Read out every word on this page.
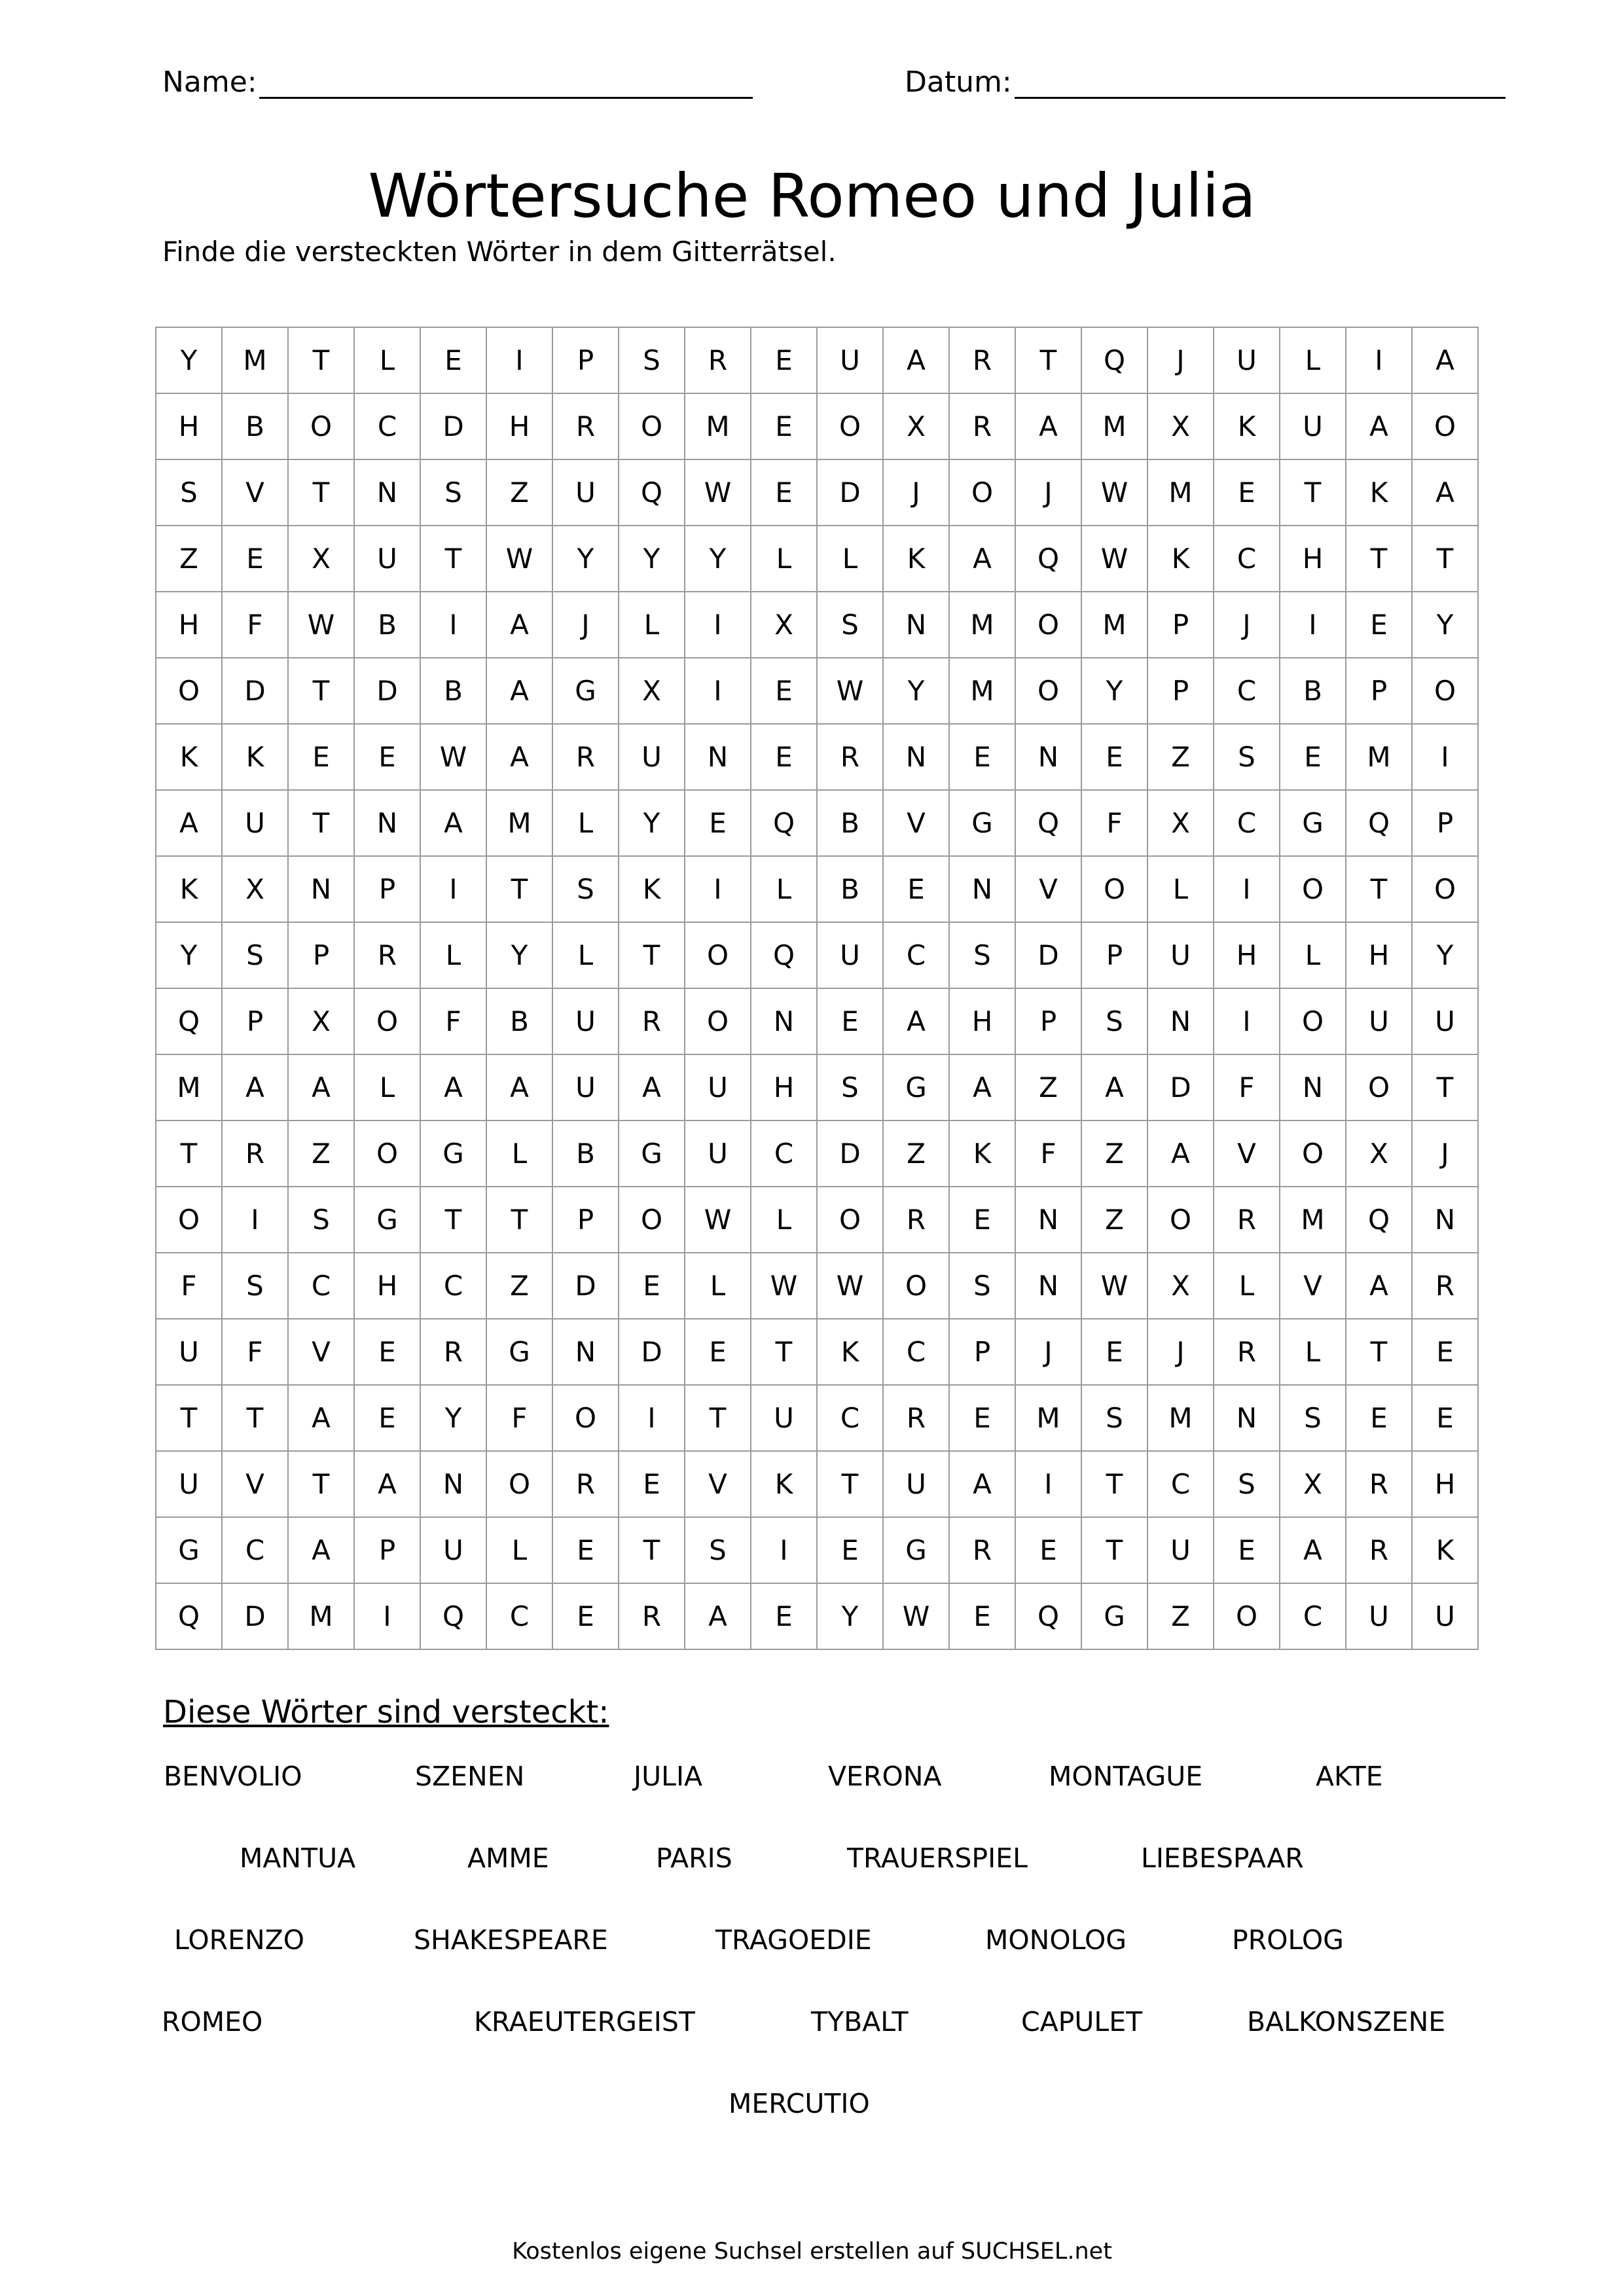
Name:	Datum:
Wörtersuche Romeo und Julia
Finde die versteckten Wörter in dem Gitterrätsel.
Y	M	T	L	E	I	P	S	R	E	U	A	R	T	Q	J	U	L	I	A
H	B	O	C	D	H	R	O	M	E	O	X	R	A	M	X	K	U	A	O
S	V	T	N	S	Z	U	Q	W	E	D	J	O	J	W	M	E	T	K	A
Z	E	X	U	T	W	Y	Y	Y	L	L	K	A	Q	W	K	C	H	T	T
H	F	W	B	I	A	J	L	I	X	S	N	M	O	M	P	J	I	E	Y
O	D	T	D	B	A	G	X	I	E	W	Y	M	O	Y	P	C	B	P	O
K	K	E	E	W	A	R	U	N	E	R	N	E	N	E	Z	S	E	M	I
A	U	T	N	A	M	L	Y	E	Q	B	V	G	Q	F	X	C	G	Q	P
K	X	N	P	I	T	S	K	I	L	B	E	N	V	O	L	I	O	T	O
Y	S	P	R	L	Y	L	T	O	Q	U	C	S	D	P	U	H	L	H	Y
Q	P	X	O	F	B	U	R	O	N	E	A	H	P	S	N	I	O	U	U
M	A	A	L	A	A	U	A	U	H	S	G	A	Z	A	D	F	N	O	T
T	R	Z	O	G	L	B	G	U	C	D	Z	K	F	Z	A	V	O	X	J
O	I	S	G	T	T	P	O	W	L	O	R	E	N	Z	O	R	M	Q	N
F	S	C	H	C	Z	D	E	L	W	W	O	S	N	W	X	L	V	A	R
U	F	V	E	R	G	N	D	E	T	K	C	P	J	E	J	R	L	T	E
T	T	A	E	Y	F	O	I	T	U	C	R	E	M	S	M	N	S	E	E
U	V	T	A	N	O	R	E	V	K	T	U	A	I	T	C	S	X	R	H
G	C	A	P	U	L	E	T	S	I	E	G	R	E	T	U	E	A	R	K
Q	D	M	I	Q	C	E	R	A	E	Y	W	E	Q	G	Z	O	C	U	U
Diese Wörter sind versteckt:
BENVOLIO	SZENEN	JULIA	VERONA	MONTAGUE	AKTE
MANTUA	AMME	PARIS	TRAUERSPIEL	LIEBESPAAR
LORENZO	SHAKESPEARE	TRAGOEDIE	MONOLOG	PROLOG
ROMEO	KRAEUTERGEIST	TYBALT	CAPULET	BALKONSZENE
MERCUTIO
Kostenlos eigene Suchsel erstellen auf SUCHSEL.net
